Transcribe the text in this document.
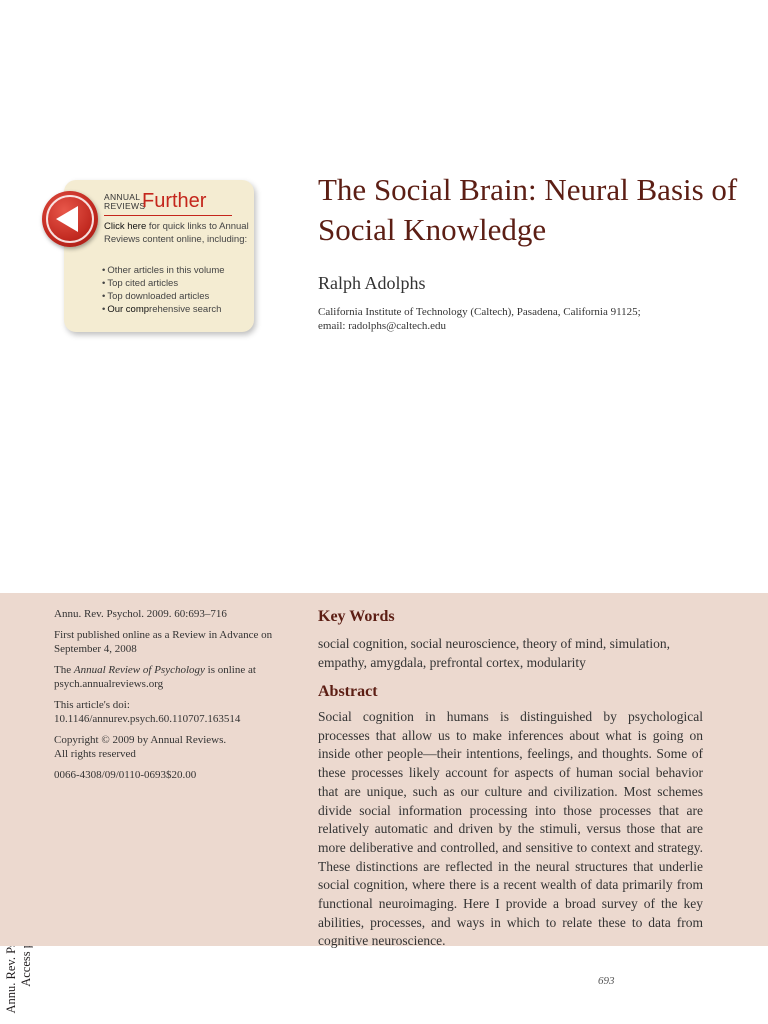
ANNUAL
REVIEWS
Further
Click here for quick links to Annual Reviews content online, including:
• Other articles in this volume
• Top cited articles
• Top downloaded articles
• Our comprehensive search
The Social Brain: Neural Basis of Social Knowledge
Ralph Adolphs
California Institute of Technology (Caltech), Pasadena, California 91125;
email: radolphs@caltech.edu

Annu. Rev. Psychol. 2009. 60:693–716

First published online as a Review in Advance on September 4, 2008

The Annual Review of Psychology is online at psych.annualreviews.org

This article's doi:
10.1146/annurev.psych.60.110707.163514

Copyright © 2009 by Annual Reviews.
All rights reserved

0066-4308/09/0110-0693$20.00

Key Words
social cognition, social neuroscience, theory of mind, simulation, empathy, amygdala, prefrontal cortex, modularity
Abstract
Social cognition in humans is distinguished by psychological processes that allow us to make inferences about what is going on inside other people—their intentions, feelings, and thoughts. Some of these processes likely account for aspects of human social behavior that are unique, such as our culture and civilization. Most schemes divide social information processing into those processes that are relatively automatic and driven by the stimuli, versus those that are more deliberative and controlled, and sensitive to context and strategy. These distinctions are reflected in the neural structures that underlie social cognition, where there is a recent wealth of data primarily from functional neuroimaging. Here I provide a broad survey of the key abilities, processes, and ways in which to relate these to data from cognitive neuroscience.
693
